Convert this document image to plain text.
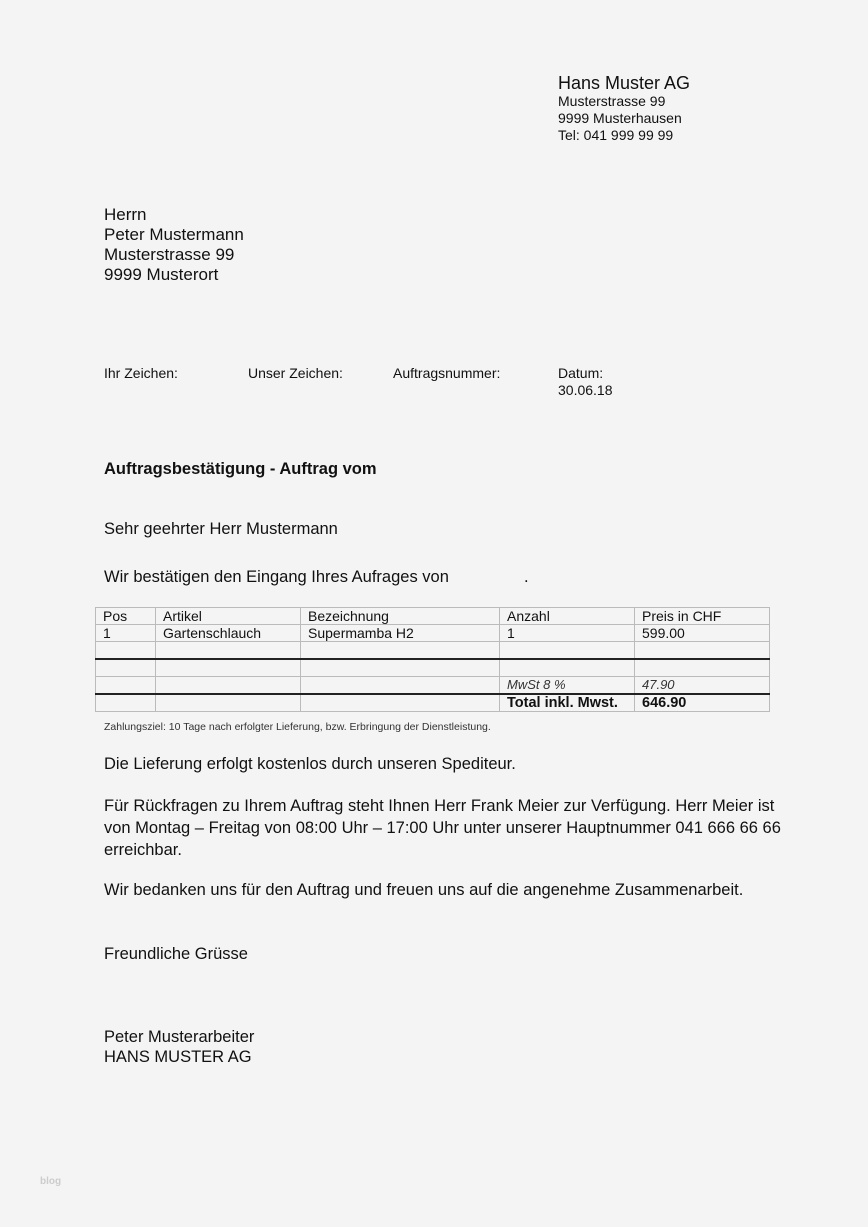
Hans Muster AG
Musterstrasse 99
9999 Musterhausen
Tel: 041 999 99 99
Herrn
Peter Mustermann
Musterstrasse 99
9999 Musterort
Ihr Zeichen:	Unser Zeichen:	Auftragsnummer:	Datum:
30.06.18
Auftragsbestätigung - Auftrag vom
Sehr geehrter Herr Mustermann
Wir bestätigen den Eingang Ihres Aufrages von	.
Pos	Artikel	Bezeichnung	Anzahl	Preis in CHF
1	Gartenschlauch	Supermamba H2	1	599.00

			MwSt 8 %	47.90
			Total inkl. Mwst.	646.90
Zahlungsziel: 10 Tage nach erfolgter Lieferung, bzw. Erbringung der Dienstleistung.
Die Lieferung erfolgt kostenlos durch unseren Spediteur.
Für Rückfragen zu Ihrem Auftrag steht Ihnen Herr Frank Meier zur Verfügung. Herr Meier ist
von Montag – Freitag von 08:00 Uhr – 17:00 Uhr unter unserer Hauptnummer 041 666 66 66
erreichbar.
Wir bedanken uns für den Auftrag und freuen uns auf die angenehme Zusammenarbeit.
Freundliche Grüsse
Peter Musterarbeiter
HANS MUSTER AG
blog
